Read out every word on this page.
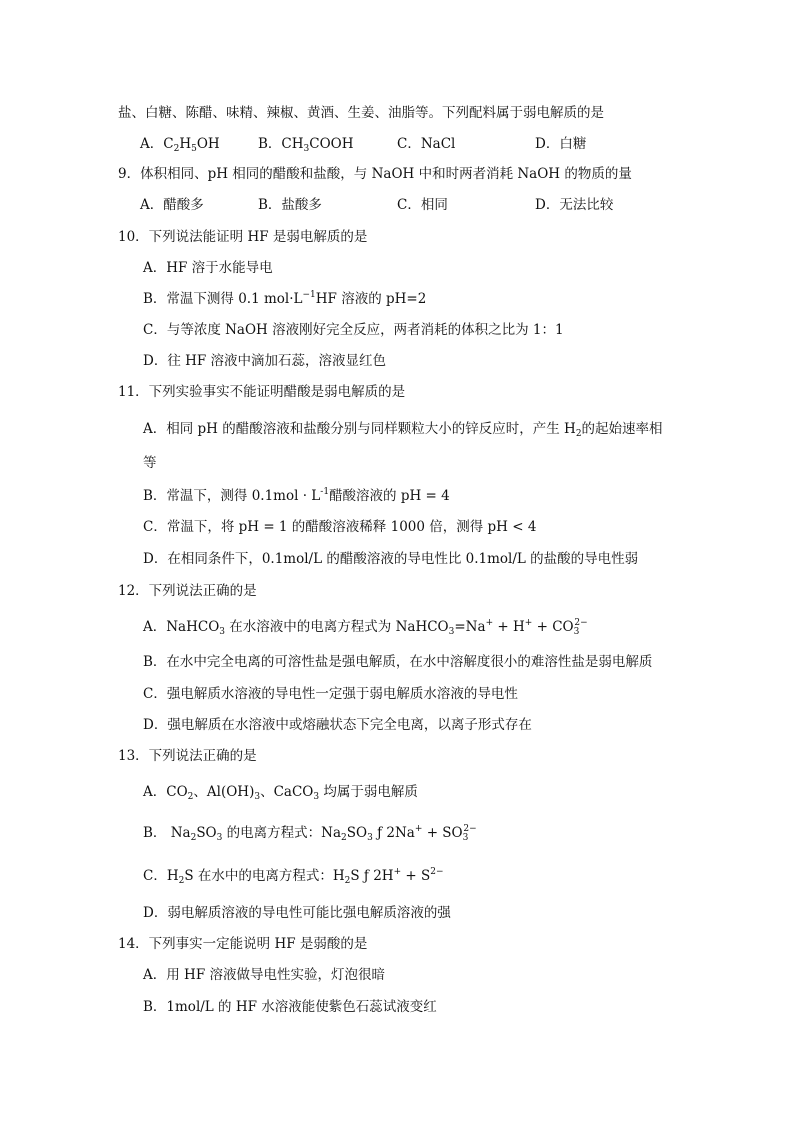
盐、白糖、陈醋、味精、辣椒、黄酒、生姜、油脂等。下列配料属于弱电解质的是
A．$C_2H_5OH$	B．$CH_3COOH$	C．NaCl	D．白糖
9．体积相同、pH 相同的醋酸和盐酸，与 NaOH 中和时两者消耗 NaOH 的物质的量
A．醋酸多	B．盐酸多	C．相同	D．无法比较
10．下列说法能证明 HF 是弱电解质的是
A．HF 溶于水能导电
B．常温下测得 0.1 $mol\cdot L^{-1}HF$ 溶液的 pH=2
C．与等浓度 NaOH 溶液刚好完全反应，两者消耗的体积之比为 1：1
D．往 HF 溶液中滴加石蕊，溶液显红色
11．下列实验事实不能证明醋酸是弱电解质的是
A．相同 pH 的醋酸溶液和盐酸分别与同样颗粒大小的锌反应时，产生 $H_2$的起始速率相
等
B．常温下，测得 $0.1mol \cdot L^{-1}$醋酸溶液的 pH = 4
C．常温下，将 pH = 1 的醋酸溶液稀释 1000 倍，测得 pH < 4
D．在相同条件下，0.1mol/L 的醋酸溶液的导电性比 0.1mol/L 的盐酸的导电性弱
12．下列说法正确的是
A．NaHCO$_3$ 在水溶液中的电离方程式为 NaHCO$_3$=Na+ + $H^+ + CO_3^{2-}$
B．在水中完全电离的可溶性盐是强电解质，在水中溶解度很小的难溶性盐是弱电解质
C．强电解质水溶液的导电性一定强于弱电解质水溶液的导电性
D．强电解质在水溶液中或熔融状态下完全电离，以离子形式存在
13．下列说法正确的是
A．$CO_2$、$Al(OH)_3$、CaCO$_3$ 均属于弱电解质
B． $Na_2SO_3$ 的电离方程式：$Na_2SO_3$ ƒ $2Na^+ + SO_3^{2-}$
C．$H_2S$ 在水中的电离方程式：$H_2S$ ƒ $2H^+ + S^{2-}$
D．弱电解质溶液的导电性可能比强电解质溶液的强
14．下列事实一定能说明 HF 是弱酸的是
A．用 HF 溶液做导电性实验，灯泡很暗
B．1mol/L 的 HF 水溶液能使紫色石蕊试液变红
